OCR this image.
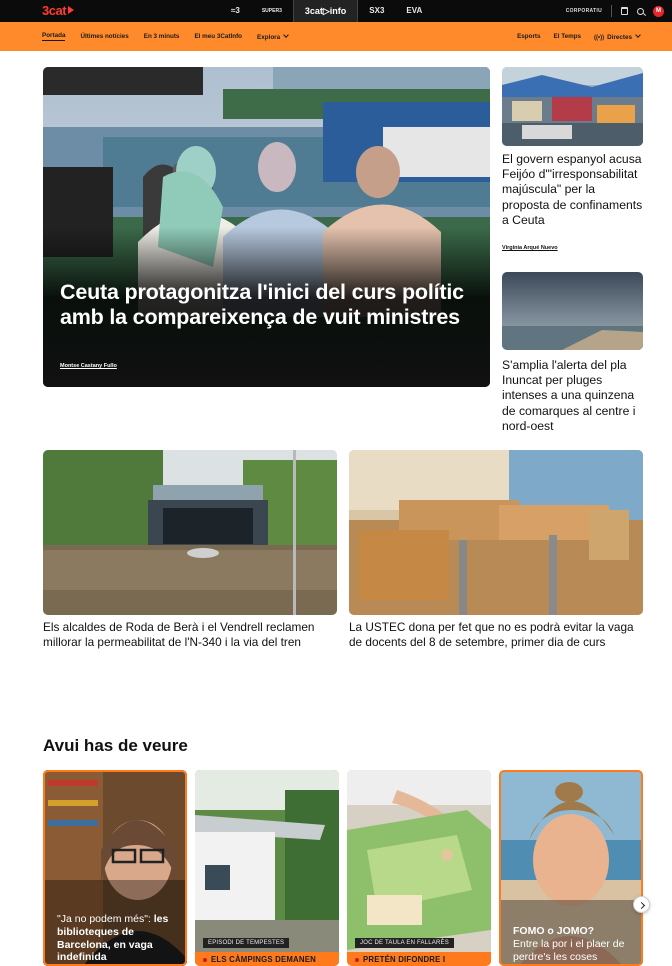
3cat	≈3	SUPER3	3cat▷info	SX3	EVA	CORPORATIU	M
Portada Últimes notícies En 3 minuts El meu 3CatInfo Explora	Esports El Temps ((•)) Directes
Ceuta protagonitza l'inici del curs polític amb la compareixença de vuit ministres
Montse Castany Fullo
El govern espanyol acusa Feijóo d'"irresponsabilitat majúscula" per la proposta de confinaments a Ceuta
Virginia Arqué Nuevo
S'amplia l'alerta del pla Inuncat per pluges intenses a una quinzena de comarques al centre i nord-oest
Els alcaldes de Roda de Berà i el Vendrell reclamen millorar la permeabilitat de l'N-340 i la via del tren
La USTEC dona per fet que no es podrà evitar la vaga de docents del 8 de setembre, primer dia de curs
Avui has de veure
"Ja no podem més": les biblioteques de Barcelona, en vaga indefinida
EPISODI DE TEMPESTES
ELS CÀMPINGS DEMANEN
JOC DE TAULA EN FALLARÈS
PRETÉN DIFONDRE I
FOMO o JOMO?
Entre la por i el plaer de perdre's les coses
